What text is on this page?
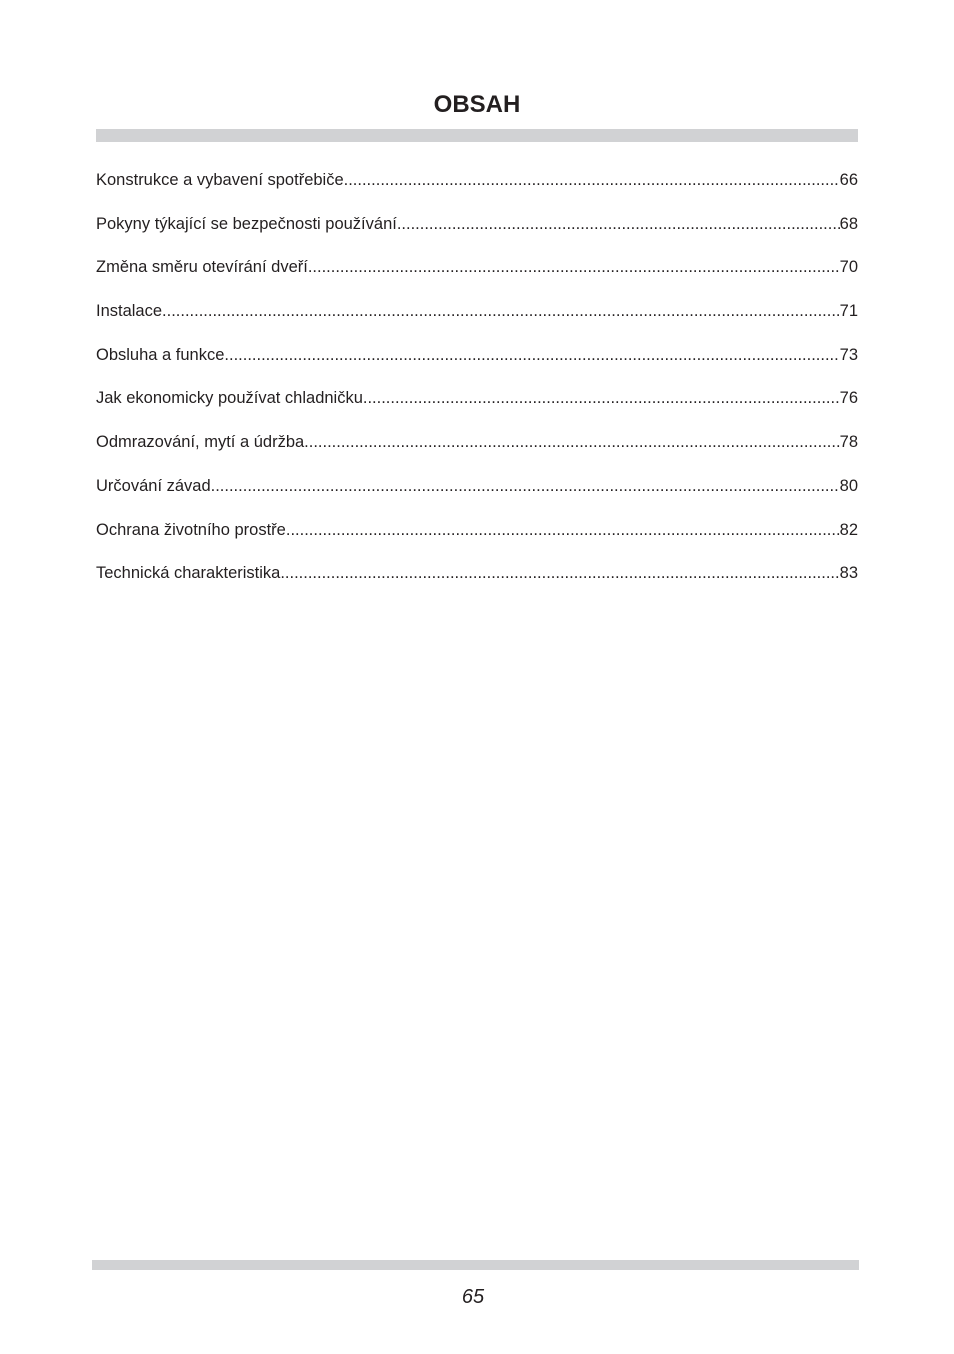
OBSAH
Konstrukce a vybavení spotřebiče .....	66
Pokyny týkající se bezpečnosti používání .....	68
Změna směru otevírání dveří .....	70
Instalace .....	71
Obsluha a funkce .....	73
Jak ekonomicky používat chladničku .....	76
Odmrazování, mytí a údržba .....	78
Určování závad .....	80
Ochrana životního prostře .....	82
Technická charakteristika .....	83
65
